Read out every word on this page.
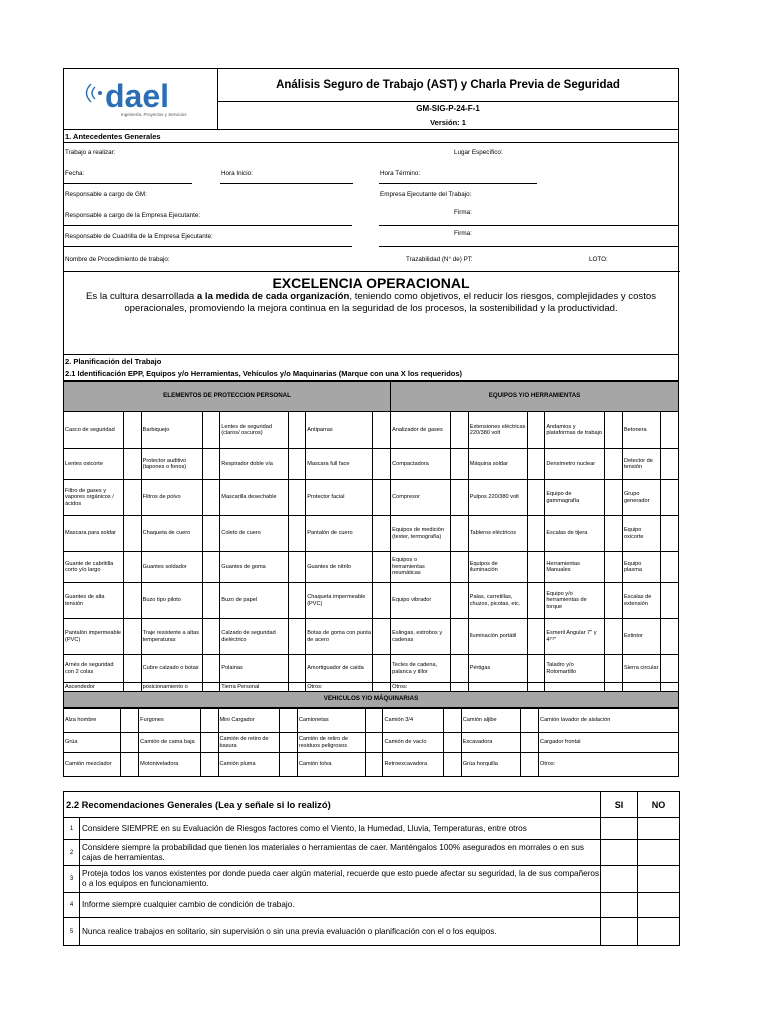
dael
Ingeniería, Proyectos y Servicios
	Análisis Seguro de Trabajo (AST) y Charla Previa de Seguridad
GM-SIG-P-24-F-1
Versión: 1
1. Antecedentes Generales
Trabajo a realizar:	Lugar Específico:
Fecha:	Hora Inicio:	Hora Término:
Responsable a cargo de GM:	Empresa Ejecutante del Trabajo:
Responsable a cargo de la Empresa Ejecutante:	Firma:
Responsable de Cuadrilla de la Empresa Ejecutante:	Firma:
Nombre de Procedimiento de trabajo:	Trazabilidad (N° de) PT:	LOTO:
EXCELENCIA OPERACIONAL
Es la cultura desarrollada a la medida de cada organización, teniendo como objetivos, el reducir los riesgos, complejidades y costos operacionales, promoviendo la mejora continua en la seguridad de los procesos, la sostenibilidad y la productividad.
2. Planificación del Trabajo
2.1 Identificación EPP, Equipos y/o Herramientas, Vehículos y/o Maquinarias (Marque con una X los requeridos)
ELEMENTOS DE PROTECCION PERSONAL								EQUIPOS Y/O HERRAMIENTAS							
Casco de seguridad		Barbiquejo		Lentes de seguridad (claros/ oscuros)		Antiparras		Analizador de gases		Extensiones eléctricas 220/380 volt		Andamios y plataformas de trabajo		Betonera	
Lentes oxicorte		Protector auditivo (tapones o fonos)		Respirador doble vía		Mascara full face		Compactadora		Máquina soldar		Densímetro nuclear		Detector de tensión	
Filtro de gases y vapores orgánicos /ácidos		Filtros de polvo		Mascarilla desechable		Protector facial		Compresor		Pulpos 220/380 volt		Equipo de gammagrafía		Grupo generador	
Mascara para soldar		Chaqueta de cuero		Coleto de cuero		Pantalón de cuero		Equipos de medición (tester, termografía)		Tableros eléctricos		Escalas de tijera		Equipo oxicorte	
Guante de cabritilla corto y/o largo		Guantes soldador		Guantes de goma		Guantes de nitrilo		Equipos o herramientas neumáticas		Equipos de iluminación		Herramientas Manuales		Equipo plasma	
Guantes de alta tensión		Buzo tipo piloto		Buzo de papel		Chaqueta impermeable (PVC)		Equipo vibrador		Palas, carretillas, chuzos, picotas, etc.		Equipo y/o herramientas de torque		Escalas de extensión	
Pantalón impermeable (PVC)		Traje resistente a altas temperaturas		Calzado de seguridad dieléctrico		Botas de goma con punta de acero		Eslingas, estrobos y cadenas		Iluminación portátil		Esmeril Angular 7" y 4¹ʹ²"		Extintor	
Arnés de seguridad con 2 colas		Cubre calzado o botas		Polainas		Amortiguador de caída		Tecles de cadena, palanca y tillor		Pértigas		Taladro y/o Rotomartillo		Sierra circular	
Ascendedor		posicionamiento o		Tierra Personal		Otros:		Otros:							
VEHICULOS Y/O MÁQUINARIAS															
Alza hombre		Furgones		Mini Cargador		Camionetas		Camión 3/4		Camión aljibe		Camión lavador de aislación
Grúa		Camión de cama baja		Camión de retiro de basura		Camión de retiro de residuos peligrosos		Camión de vacío		Excavadora		Cargador frontal
Camión mezclador		Motoniveladora		Camión pluma		Camión tolva		Retroexcavadora		Grúa horquilla		Otros:
2.2 Recomendaciones Generales (Lea y señale si lo realizó)		SI	NO
1	Considere SIEMPRE en su Evaluación de Riesgos factores como el Viento, la Humedad, Lluvia, Temperaturas, entre otros		
2	Considere siempre la probabilidad que tienen los materiales o herramientas de caer. Manténgalos 100% asegurados en morrales o en sus cajas de herramientas.		
3	Proteja todos los vanos existentes por donde pueda caer algún material, recuerde que esto puede afectar su seguridad, la de sus compañeros o a los equipos en funcionamiento.		
4	Informe siempre cualquier cambio de condición de trabajo.		
5	Nunca realice trabajos en solitario, sin supervisión o sin una previa evaluación o planificación con el o los equipos.		
